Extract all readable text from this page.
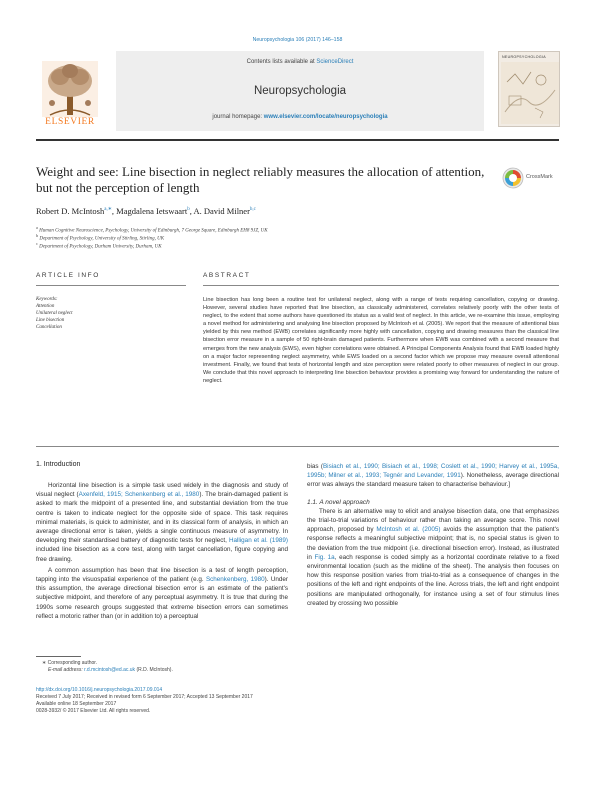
Neuropsychologia 106 (2017) 146–158
ELSEVIER
Contents lists available at ScienceDirect
Neuropsychologia
journal homepage: www.elsevier.com/locate/neuropsychologia
NEUROPSYCHOLOGIA
Weight and see: Line bisection in neglect reliably measures the allocation of attention, but not the perception of length
CrossMark
Robert D. McIntosh$^{a,∗}$, Magdalena Ietswaart$^b$, A. David Milner$^{b,c}$
$^a$ Human Cognitive Neuroscience, Psychology, University of Edinburgh, 7 George Square, Edinburgh EH8 9JZ, UK
$^b$ Department of Psychology, University of Stirling, Stirling, UK
$^c$ Department of Psychology, Durham University, Durham, UK
ARTICLE INFO	ABSTRACT
Keywords:
Attention
Unilateral neglect
Line bisection
Cancellation
Line bisection has long been a routine test for unilateral neglect, along with a range of tests requiring cancellation, copying or drawing. However, several studies have reported that line bisection, as classically administered, correlates relatively poorly with the other tests of neglect, to the extent that some authors have questioned its status as a valid test of neglect. In this article, we re-examine this issue, employing a novel method for administering and analysing line bisection proposed by McIntosh et al. (2005). We report that the measure of attentional bias yielded by this new method (EWB) correlates significantly more highly with cancellation, copying and drawing measures than the classical line bisection error measure in a sample of 50 right-brain damaged patients. Furthermore when EWB was combined with a second measure that emerges from the new analysis (EWS), even higher correlations were obtained. A Principal Components Analysis found that EWB loaded highly on a major factor representing neglect asymmetry, while EWS loaded on a second factor which we propose may measure overall attentional investment. Finally, we found that tests of horizontal length and size perception were related poorly to other measures of neglect in our group. We conclude that this novel approach to interpreting line bisection behaviour provides a promising way forward for understanding the nature of neglect.
1. Introduction

Horizontal line bisection is a simple task used widely in the diagnosis and study of visual neglect (Axenfeld, 1915; Schenkenberg et al., 1980). The brain-damaged patient is asked to mark the midpoint of a presented line, and substantial deviation from the true centre is taken to indicate neglect for the opposite side of space. This task requires minimal materials, is quick to administer, and in its classical form of analysis, in which an average directional error is taken, yields a single continuous measure of asymmetry. In developing their standardised battery of diagnostic tests for neglect, Halligan et al. (1989) included line bisection as a core test, along with target cancellation, figure copying and free drawing.

A common assumption has been that line bisection is a test of length perception, tapping into the visuospatial experience of the patient (e.g. Schenkenberg, 1980). Under this assumption, the average directional bisection error is an estimate of the patient's subjective midpoint, and therefore of any perceptual asymmetry. It is true that during the 1990s some research groups suggested that extreme bisection errors can sometimes reflect a motoric rather than (or in addition to) a perceptual

bias (Bisiach et al., 1990; Bisiach et al., 1998; Coslett et al., 1990; Harvey et al., 1995a, 1995b; Milner et al., 1993; Tegnér and Levander, 1991). Nonetheless, average directional error was always the standard measure taken to characterise behaviour.]

1.1. A novel approach

There is an alternative way to elicit and analyse bisection data, one that emphasizes the trial-to-trial variations of behaviour rather than taking an average score. This novel approach, proposed by McIntosh et al. (2005) avoids the assumption that the patient's response reflects a meaningful subjective midpoint; that is, no special status is given to the deviation from the true midpoint (i.e. directional bisection error). Instead, as illustrated in Fig. 1a, each response is coded simply as a horizontal coordinate relative to a fixed environmental location (such as the midline of the sheet). The analysis then focuses on how this response position varies from trial-to-trial as a consequence of changes in the positions of the left and right endpoints of the line. Across trials, the left and right endpoint positions are manipulated orthogonally, for instance using a set of four stimulus lines created by crossing two possible

∗ Corresponding author.
E-mail address: r.d.mcintosh@ed.ac.uk (R.D. McIntosh).
http://dx.doi.org/10.1016/j.neuropsychologia.2017.09.014
Received 7 July 2017; Received in revised form 6 September 2017; Accepted 13 September 2017
Available online 18 September 2017
0028-3932/ © 2017 Elsevier Ltd. All rights reserved.
